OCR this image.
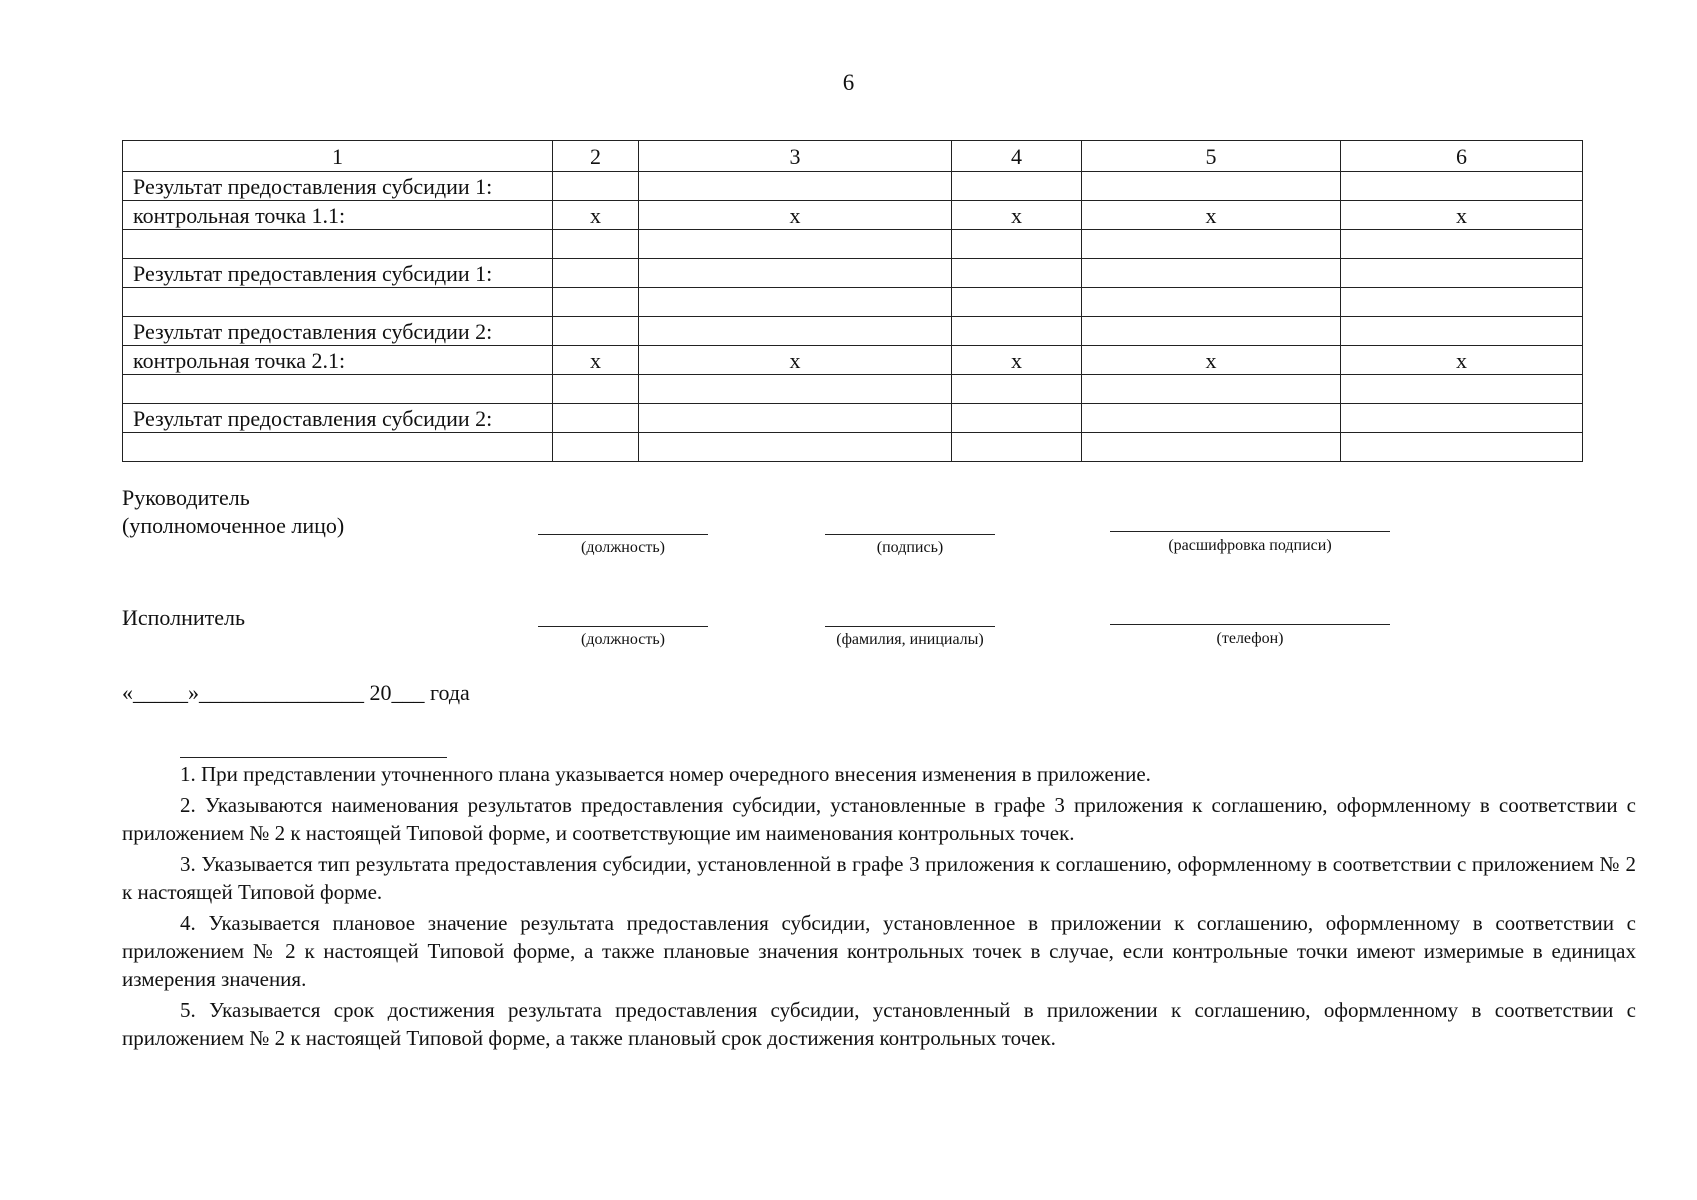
6
1	2	3	4	5	6
Результат предоставления субсидии 1:					
контрольная точка 1.1:	x	x	x	x	x

Результат предоставления субсидии 1:					

Результат предоставления субсидии 2:					
контрольная точка 2.1:	x	x	x	x	x

Результат предоставления субсидии 2:					

Руководитель
(уполномоченное лицо)
(должность)	(подпись)	(расшифровка подписи)
Исполнитель
(должность)	(фамилия, инициалы)	(телефон)
«_____»_______________ 20___ года

1. При представлении уточненного плана указывается номер очередного внесения изменения в приложение.

2. Указываются наименования результатов предоставления субсидии, установленные в графе 3 приложения к соглашению, оформленному в соответствии с приложением № 2 к настоящей Типовой форме, и соответствующие им наименования контрольных точек.

3. Указывается тип результата предоставления субсидии, установленной в графе 3 приложения к соглашению, оформленному в соответствии с приложением № 2 к настоящей Типовой форме.

4. Указывается плановое значение результата предоставления субсидии, установленное в приложении к соглашению, оформленному в соответствии с приложением № 2 к настоящей Типовой форме, а также плановые значения контрольных точек в случае, если контрольные точки имеют измеримые в единицах измерения значения.

5. Указывается срок достижения результата предоставления субсидии, установленный в приложении к соглашению, оформленному в соответствии с приложением № 2 к настоящей Типовой форме, а также плановый срок достижения контрольных точек.
